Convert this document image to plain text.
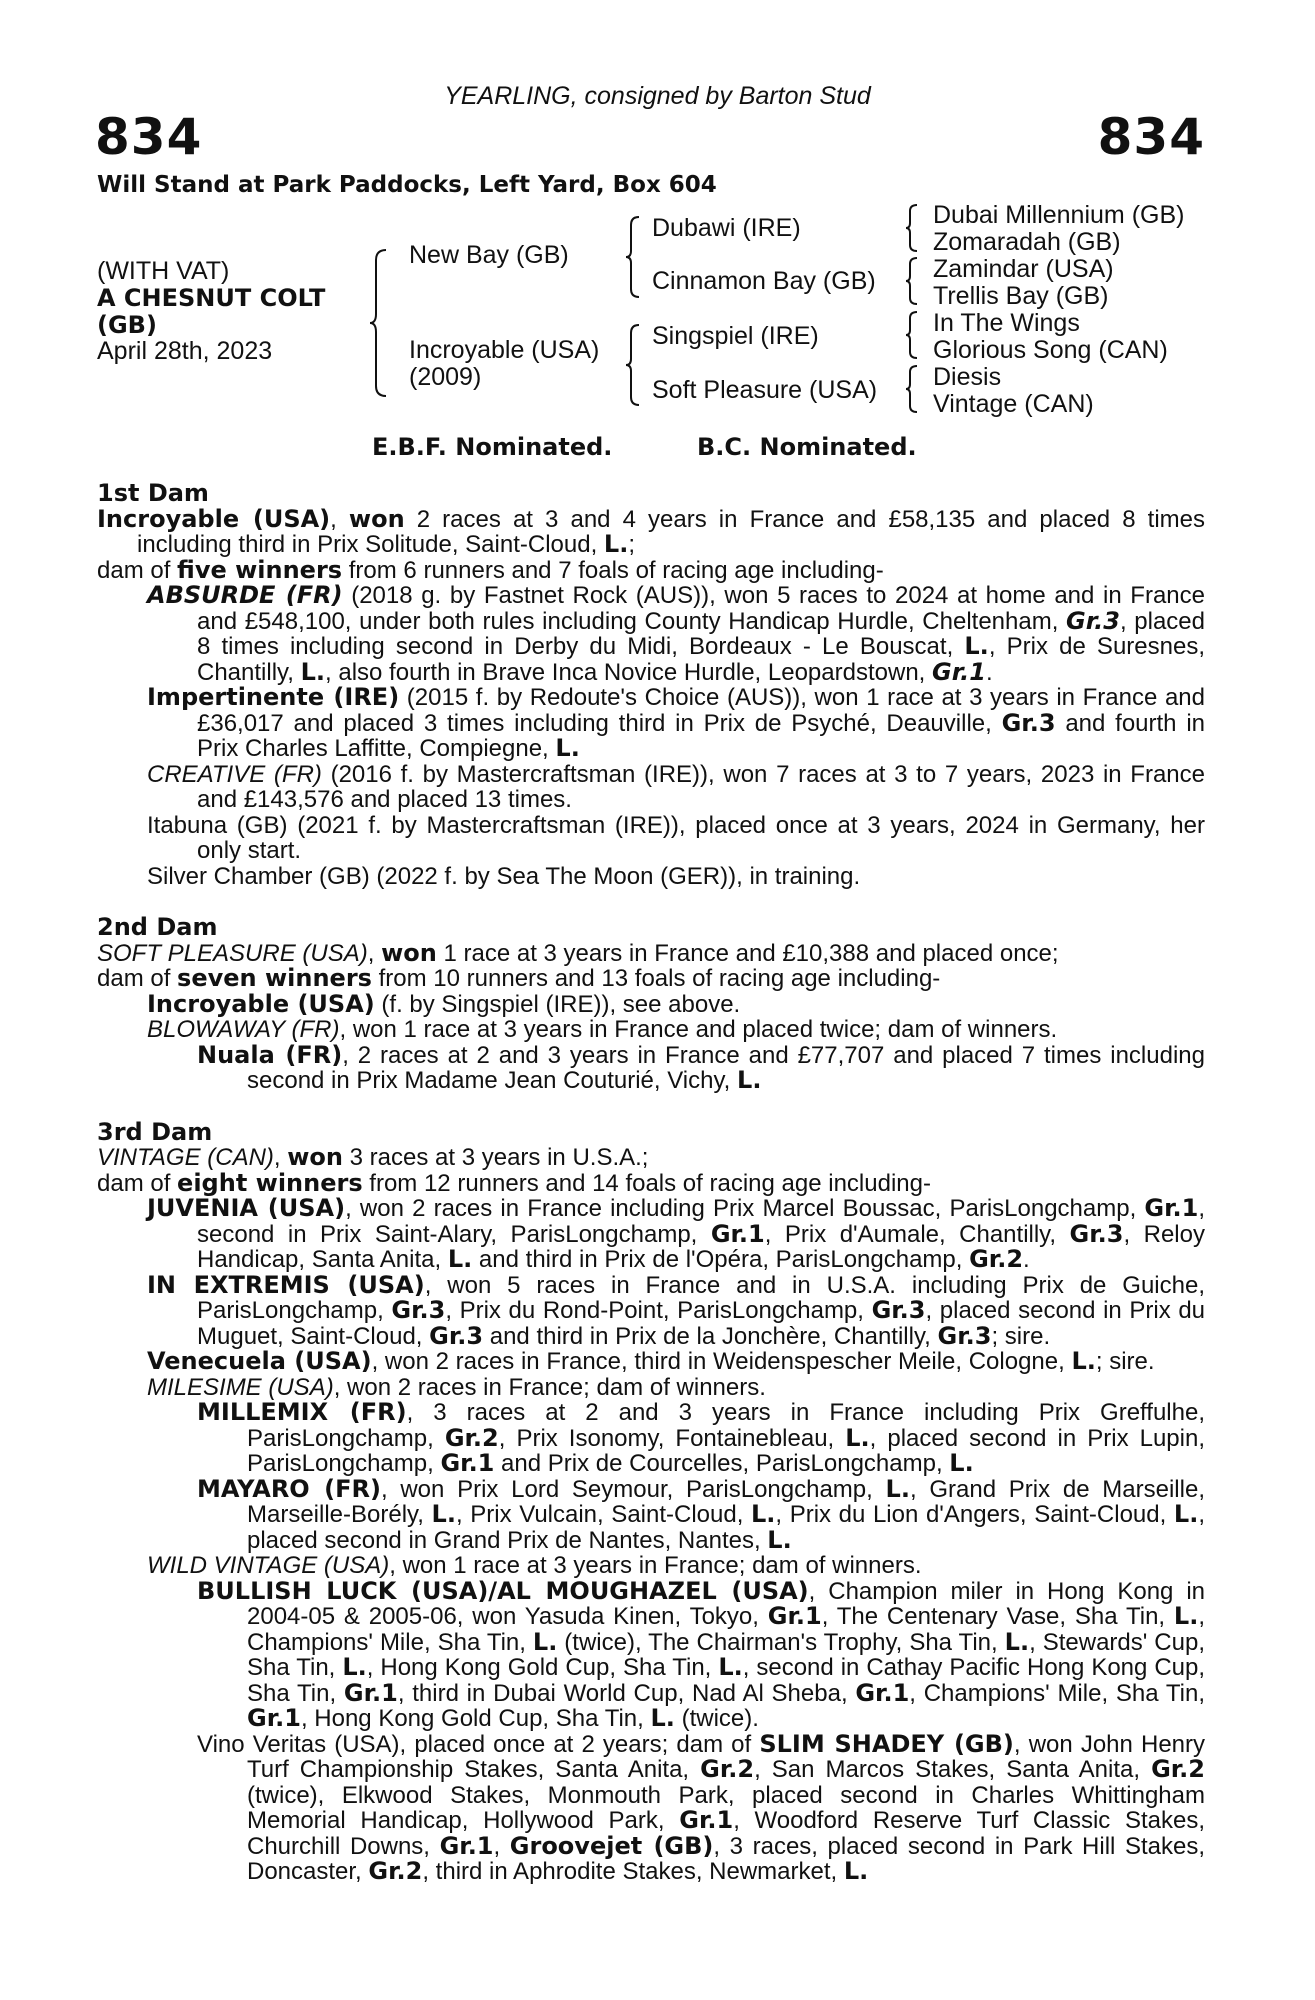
YEARLING, consigned by Barton Stud
834	834
Will Stand at Park Paddocks, Left Yard, Box 604
(WITH VAT)
A CHESNUT COLT
(GB)
April 28th, 2023
New Bay (GB)
Incroyable (USA)
(2009)
Dubawi (IRE)
Cinnamon Bay (GB)
Singspiel (IRE)
Soft Pleasure (USA)
Dubai Millennium (GB)
Zomaradah (GB)
Zamindar (USA)
Trellis Bay (GB)
In The Wings
Glorious Song (CAN)
Diesis
Vintage (CAN)
E.B.F. Nominated.	B.C. Nominated.
1st Dam

Incroyable (USA), won 2 races at 3 and 4 years in France and £58,135 and placed 8 times including third in Prix Solitude, Saint-Cloud, L.;

dam of five winners from 6 runners and 7 foals of racing age including-

ABSURDE (FR) (2018 g. by Fastnet Rock (AUS)), won 5 races to 2024 at home and in France and £548,100, under both rules including County Handicap Hurdle, Cheltenham, Gr.3, placed 8 times including second in Derby du Midi, Bordeaux - Le Bouscat, L., Prix de Suresnes, Chantilly, L., also fourth in Brave Inca Novice Hurdle, Leopardstown, Gr.1.

Impertinente (IRE) (2015 f. by Redoute's Choice (AUS)), won 1 race at 3 years in France and £36,017 and placed 3 times including third in Prix de Psyché, Deauville, Gr.3 and fourth in Prix Charles Laffitte, Compiegne, L.

CREATIVE (FR) (2016 f. by Mastercraftsman (IRE)), won 7 races at 3 to 7 years, 2023 in France and £143,576 and placed 13 times.

Itabuna (GB) (2021 f. by Mastercraftsman (IRE)), placed once at 3 years, 2024 in Germany, her only start.

Silver Chamber (GB) (2022 f. by Sea The Moon (GER)), in training.

2nd Dam

SOFT PLEASURE (USA), won 1 race at 3 years in France and £10,388 and placed once;

dam of seven winners from 10 runners and 13 foals of racing age including-

Incroyable (USA) (f. by Singspiel (IRE)), see above.

BLOWAWAY (FR), won 1 race at 3 years in France and placed twice; dam of winners.

Nuala (FR), 2 races at 2 and 3 years in France and £77,707 and placed 7 times including second in Prix Madame Jean Couturié, Vichy, L.

3rd Dam

VINTAGE (CAN), won 3 races at 3 years in U.S.A.;

dam of eight winners from 12 runners and 14 foals of racing age including-

JUVENIA (USA), won 2 races in France including Prix Marcel Boussac, ParisLongchamp, Gr.1, second in Prix Saint-Alary, ParisLongchamp, Gr.1, Prix d'Aumale, Chantilly, Gr.3, Reloy Handicap, Santa Anita, L. and third in Prix de l'Opéra, ParisLongchamp, Gr.2.

IN EXTREMIS (USA), won 5 races in France and in U.S.A. including Prix de Guiche, ParisLongchamp, Gr.3, Prix du Rond-Point, ParisLongchamp, Gr.3, placed second in Prix du Muguet, Saint-Cloud, Gr.3 and third in Prix de la Jonchère, Chantilly, Gr.3; sire.

Venecuela (USA), won 2 races in France, third in Weidenspescher Meile, Cologne, L.; sire.

MILESIME (USA), won 2 races in France; dam of winners.

MILLEMIX (FR), 3 races at 2 and 3 years in France including Prix Greffulhe, ParisLongchamp, Gr.2, Prix Isonomy, Fontainebleau, L., placed second in Prix Lupin, ParisLongchamp, Gr.1 and Prix de Courcelles, ParisLongchamp, L.

MAYARO (FR), won Prix Lord Seymour, ParisLongchamp, L., Grand Prix de Marseille, Marseille-Borély, L., Prix Vulcain, Saint-Cloud, L., Prix du Lion d'Angers, Saint-Cloud, L., placed second in Grand Prix de Nantes, Nantes, L.

WILD VINTAGE (USA), won 1 race at 3 years in France; dam of winners.

BULLISH LUCK (USA)/AL MOUGHAZEL (USA), Champion miler in Hong Kong in 2004-05 & 2005-06, won Yasuda Kinen, Tokyo, Gr.1, The Centenary Vase, Sha Tin, L., Champions' Mile, Sha Tin, L. (twice), The Chairman's Trophy, Sha Tin, L., Stewards' Cup, Sha Tin, L., Hong Kong Gold Cup, Sha Tin, L., second in Cathay Pacific Hong Kong Cup, Sha Tin, Gr.1, third in Dubai World Cup, Nad Al Sheba, Gr.1, Champions' Mile, Sha Tin, Gr.1, Hong Kong Gold Cup, Sha Tin, L. (twice).

Vino Veritas (USA), placed once at 2 years; dam of SLIM SHADEY (GB), won John Henry Turf Championship Stakes, Santa Anita, Gr.2, San Marcos Stakes, Santa Anita, Gr.2 (twice), Elkwood Stakes, Monmouth Park, placed second in Charles Whittingham Memorial Handicap, Hollywood Park, Gr.1, Woodford Reserve Turf Classic Stakes, Churchill Downs, Gr.1, Groovejet (GB), 3 races, placed second in Park Hill Stakes, Doncaster, Gr.2, third in Aphrodite Stakes, Newmarket, L.
